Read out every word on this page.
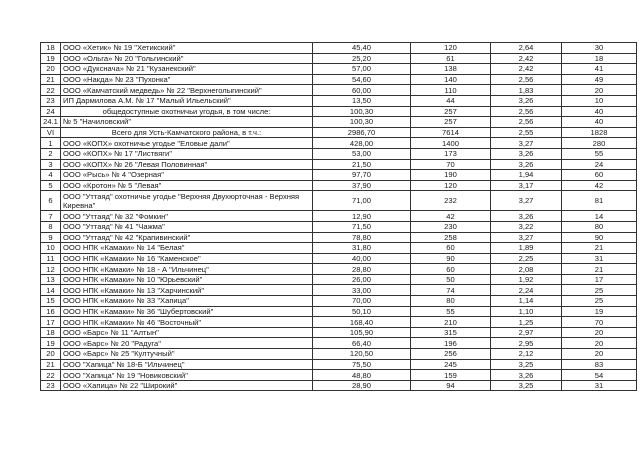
18	ООО «Хетик» № 19 "Хетикский"	45,40	120	2,64	30
19	ООО «Ольга» № 20 "Гольгинский"	25,20	61	2,42	18
20	ООО «Дукснача» № 21 "Кузанекский"	57,00	138	2,42	41
21	ООО «Накда» № 23 "Пухонка"	54,60	140	2,56	49
22	ООО «Камчатский медведь» № 22 "Верхнеголыгинский"	60,00	110	1,83	20
23	ИП Дармилова А.М. № 17 "Малый Ильельский"	13,50	44	3,26	10
24	общедоступные охотничьи угодья, в том числе:	100,30	257	2,56	40
24.1	№ 5 "Начиловский"	100,30	257	2,56	40
VI	Всего для Усть-Камчатского района, в т.ч.:	2986,70	7614	2,55	1828
1	ООО «КОПХ» охотничье угодье "Еловые дали"	428,00	1400	3,27	280
2	ООО «КОПХ» № 17 "Листвяги"	53,00	173	3,26	55
3	ООО «КОПХ» № 26 "Левая Половинная"	21,50	70	3,26	24
4	ООО «Рысь» № 4 "Озерная"	97,70	190	1,94	60
5	ООО «Кротон» № 5 "Левая"	37,90	120	3,17	42
6	ООО "Уттаяд" охотничье угодье "Верхняя Двухюрточная - Верхняя Киревна"	71,00	232	3,27	81
7	ООО "Уттаяд" № 32 "Фомкин"	12,90	42	3,26	14
8	ООО "Уттаяд" № 41 "Чажма"	71,50	230	3,22	80
9	ООО "Уттаяд" № 42 "Крапивинский"	78,80	258	3,27	90
10	ООО НПК «Камаки» № 14 "Белая"	31,80	60	1,89	21
11	ООО НПК «Камаки» № 16 "Каменское"	40,00	90	2,25	31
12	ООО НПК «Камаки» № 18 - А "Ильчинец"	28,80	60	2,08	21
13	ООО НПК «Камаки» № 10 "Юрьевский"	26,00	50	1,92	17
14	ООО НПК «Камаки» № 13 "Харчинский"	33,00	74	2,24	25
15	ООО НПК «Камаки» № 33 "Хапица"	70,00	80	1,14	25
16	ООО НПК «Камаки» № 36 "Шубертовский"	50,10	55	1,10	19
17	ООО НПК «Камаки» № 46 "Восточный"	168,40	210	1,25	70
18	ООО «Барс» № 11 "Алтын"	105,90	315	2,97	20
19	ООО «Барс» № 20 "Радуга"	66,40	196	2,95	20
20	ООО «Барс» № 25 "Култучный"	120,50	256	2,12	20
21	ООО "Хапица" № 18-Б "Ильчинец"	75,50	245	3,25	83
22	ООО "Хапица" № 19 "Новиковский"	48,80	159	3,26	54
23	ООО «Хапица» № 22 "Широкий"	28,90	94	3,25	31
